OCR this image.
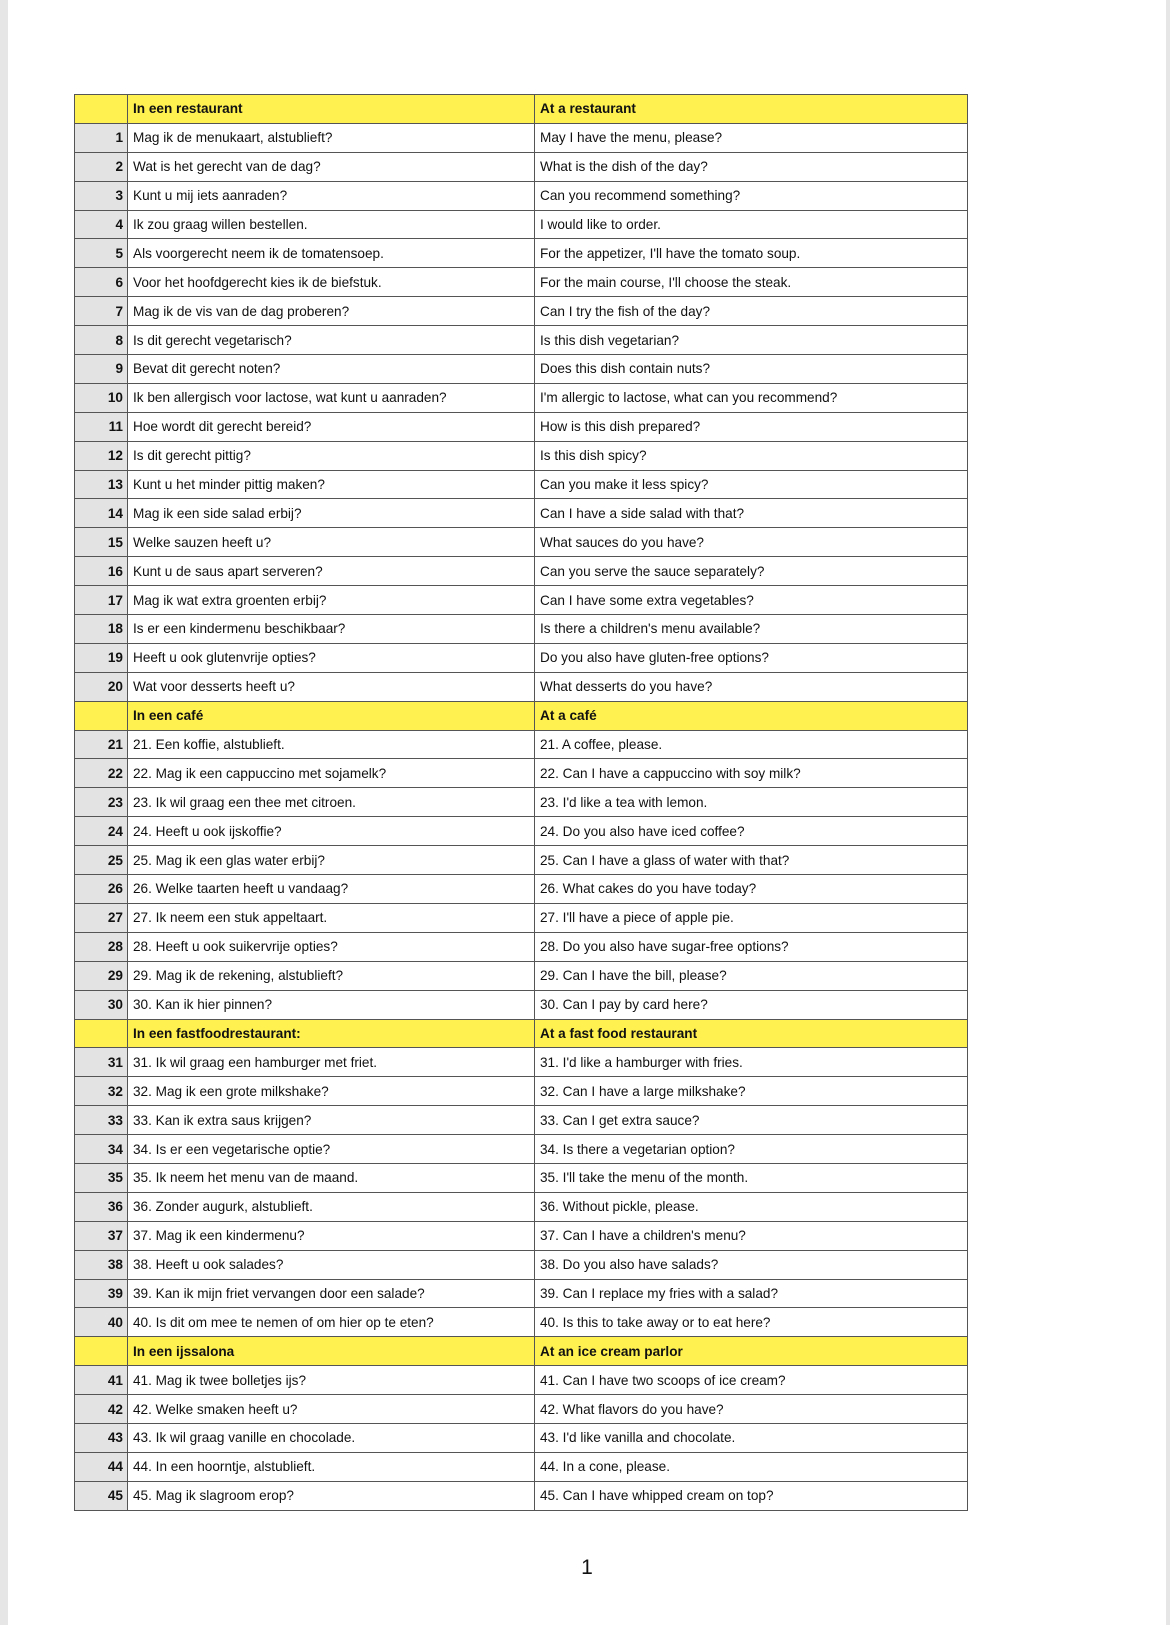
	In een restaurant	At a restaurant
1	Mag ik de menukaart, alstublieft?	May I have the menu, please?
2	Wat is het gerecht van de dag?	What is the dish of the day?
3	Kunt u mij iets aanraden?	Can you recommend something?
4	Ik zou graag willen bestellen.	I would like to order.
5	Als voorgerecht neem ik de tomatensoep.	For the appetizer, I'll have the tomato soup.
6	Voor het hoofdgerecht kies ik de biefstuk.	For the main course, I'll choose the steak.
7	Mag ik de vis van de dag proberen?	Can I try the fish of the day?
8	Is dit gerecht vegetarisch?	Is this dish vegetarian?
9	Bevat dit gerecht noten?	Does this dish contain nuts?
10	Ik ben allergisch voor lactose, wat kunt u aanraden?	I'm allergic to lactose, what can you recommend?
11	Hoe wordt dit gerecht bereid?	How is this dish prepared?
12	Is dit gerecht pittig?	Is this dish spicy?
13	Kunt u het minder pittig maken?	Can you make it less spicy?
14	Mag ik een side salad erbij?	Can I have a side salad with that?
15	Welke sauzen heeft u?	What sauces do you have?
16	Kunt u de saus apart serveren?	Can you serve the sauce separately?
17	Mag ik wat extra groenten erbij?	Can I have some extra vegetables?
18	Is er een kindermenu beschikbaar?	Is there a children's menu available?
19	Heeft u ook glutenvrije opties?	Do you also have gluten-free options?
20	Wat voor desserts heeft u?	What desserts do you have?
	In een café	At a café
21	21. Een koffie, alstublieft.	21. A coffee, please.
22	22. Mag ik een cappuccino met sojamelk?	22. Can I have a cappuccino with soy milk?
23	23. Ik wil graag een thee met citroen.	23. I'd like a tea with lemon.
24	24. Heeft u ook ijskoffie?	24. Do you also have iced coffee?
25	25. Mag ik een glas water erbij?	25. Can I have a glass of water with that?
26	26. Welke taarten heeft u vandaag?	26. What cakes do you have today?
27	27. Ik neem een stuk appeltaart.	27. I'll have a piece of apple pie.
28	28. Heeft u ook suikervrije opties?	28. Do you also have sugar-free options?
29	29. Mag ik de rekening, alstublieft?	29. Can I have the bill, please?
30	30. Kan ik hier pinnen?	30. Can I pay by card here?
	In een fastfoodrestaurant:	At a fast food restaurant
31	31. Ik wil graag een hamburger met friet.	31. I'd like a hamburger with fries.
32	32. Mag ik een grote milkshake?	32. Can I have a large milkshake?
33	33. Kan ik extra saus krijgen?	33. Can I get extra sauce?
34	34. Is er een vegetarische optie?	34. Is there a vegetarian option?
35	35. Ik neem het menu van de maand.	35. I'll take the menu of the month.
36	36. Zonder augurk, alstublieft.	36. Without pickle, please.
37	37. Mag ik een kindermenu?	37. Can I have a children's menu?
38	38. Heeft u ook salades?	38. Do you also have salads?
39	39. Kan ik mijn friet vervangen door een salade?	39. Can I replace my fries with a salad?
40	40. Is dit om mee te nemen of om hier op te eten?	40. Is this to take away or to eat here?
	In een ijssalona	At an ice cream parlor
41	41. Mag ik twee bolletjes ijs?	41. Can I have two scoops of ice cream?
42	42. Welke smaken heeft u?	42. What flavors do you have?
43	43. Ik wil graag vanille en chocolade.	43. I'd like vanilla and chocolate.
44	44. In een hoorntje, alstublieft.	44. In a cone, please.
45	45. Mag ik slagroom erop?	45. Can I have whipped cream on top?
1
